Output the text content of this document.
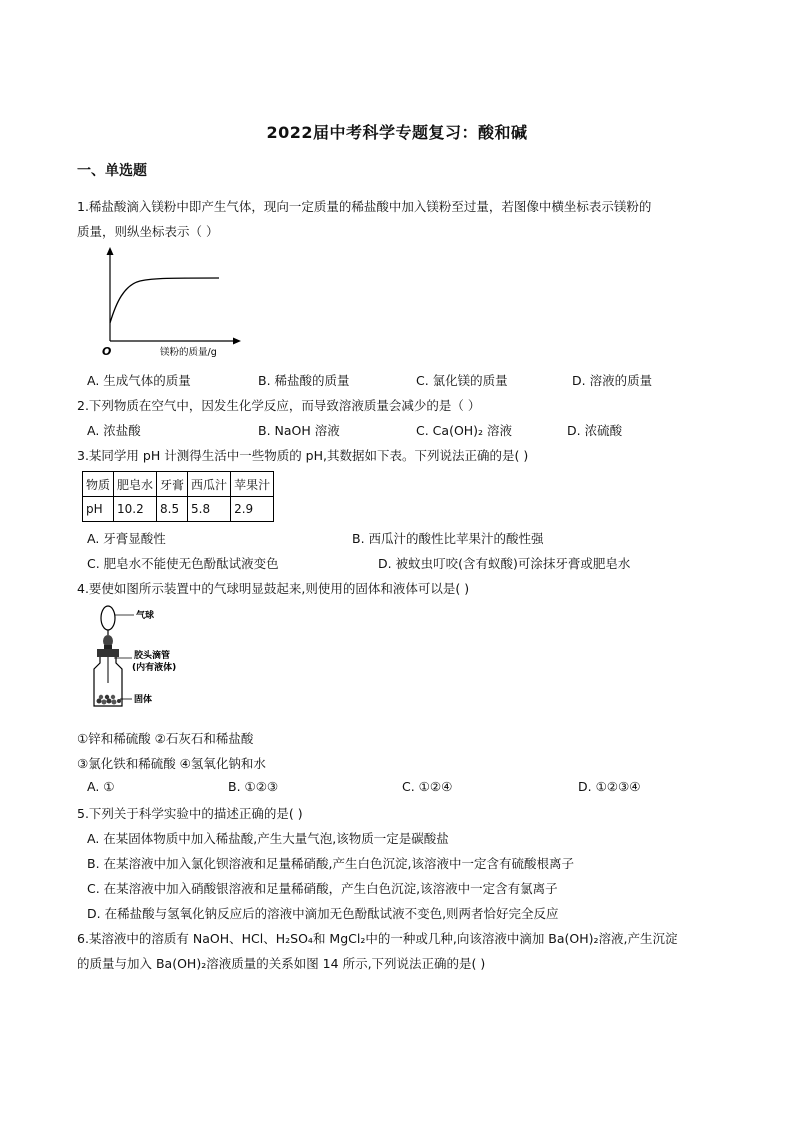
2022届中考科学专题复习：酸和碱
一、单选题
1.稀盐酸滴入镁粉中即产生气体，现向一定质量的稀盐酸中加入镁粉至过量，若图像中横坐标表示镁粉的
质量，则纵坐标表示（ ）
O	镁粉的质量/g
A. 生成气体的质量	B. 稀盐酸的质量	C. 氯化镁的质量	D. 溶液的质量
2.下列物质在空气中，因发生化学反应，而导致溶液质量会减少的是（ ）
A. 浓盐酸	B. NaOH 溶液	C. Ca(OH)₂ 溶液	D. 浓硫酸
3.某同学用 pH 计测得生活中一些物质的 pH,其数据如下表。下列说法正确的是( )
物质	肥皂水	牙膏	西瓜汁	苹果汁
pH	10.2	8.5	5.8	2.9
A. 牙膏显酸性	B. 西瓜汁的酸性比苹果汁的酸性强
C. 肥皂水不能使无色酚酞试液变色	D. 被蚊虫叮咬(含有蚁酸)可涂抹牙膏或肥皂水
4.要使如图所示装置中的气球明显鼓起来,则使用的固体和液体可以是( )
气球
胶头滴管
(内有液体)
固体
①锌和稀硫酸 ②石灰石和稀盐酸
③氯化铁和稀硫酸 ④氢氧化钠和水
A. ①	B. ①②③	C. ①②④	D. ①②③④
5.下列关于科学实验中的描述正确的是( )
A. 在某固体物质中加入稀盐酸,产生大量气泡,该物质一定是碳酸盐
B. 在某溶液中加入氯化钡溶液和足量稀硝酸,产生白色沉淀,该溶液中一定含有硫酸根离子
C. 在某溶液中加入硝酸银溶液和足量稀硝酸，产生白色沉淀,该溶液中一定含有氯离子
D. 在稀盐酸与氢氧化钠反应后的溶液中滴加无色酚酞试液不变色,则两者恰好完全反应
6.某溶液中的溶质有 NaOH、HCl、H₂SO₄和 MgCl₂中的一种或几种,向该溶液中滴加 Ba(OH)₂溶液,产生沉淀
的质量与加入 Ba(OH)₂溶液质量的关系如图 14 所示,下列说法正确的是( )
